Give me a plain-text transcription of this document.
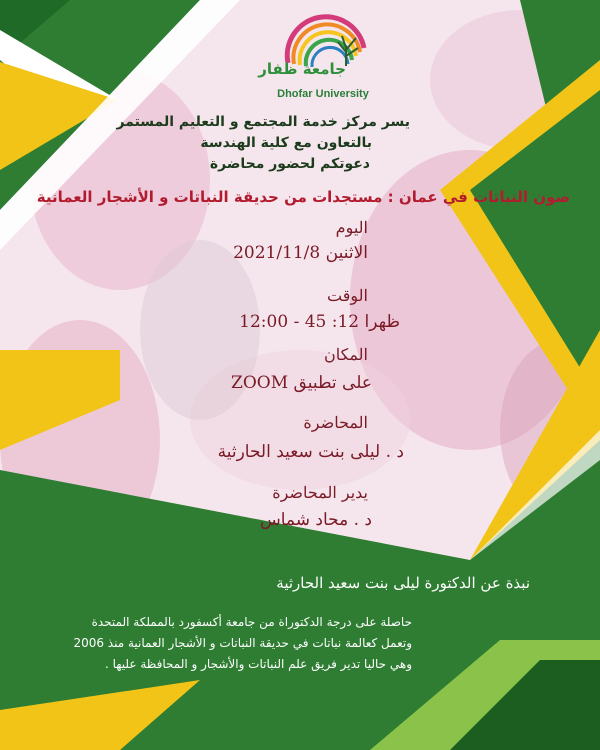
جامعة ظفار
Dhofar University
يسر مركز خدمة المجتمع و التعليم المستمر
بالتعاون مع كلية الهندسة
دعوتكم لحضور محاضرة
صون النباتات في عمان : مستجدات من حديقة النباتات و الأشجار العمانية
اليوم
الاثنين 2021/11/8
الوقت
12:00 - 45 :12 ظهرا
المكان
على تطبيق ZOOM
المحاضرة
د . ليلى بنت سعيد الحارثية
يدير المحاضرة
د . محاد شماس
نبذة عن الدكتورة ليلى بنت سعيد الحارثية
حاصلة على درجة الدكتوراة من جامعة أكسفورد بالمملكة المتحدة
وتعمل كعالمة نباتات في حديقة النباتات و الأشجار العمانية منذ 2006
وهي حاليا تدير فريق علم النباتات والأشجار و المحافظة عليها .
